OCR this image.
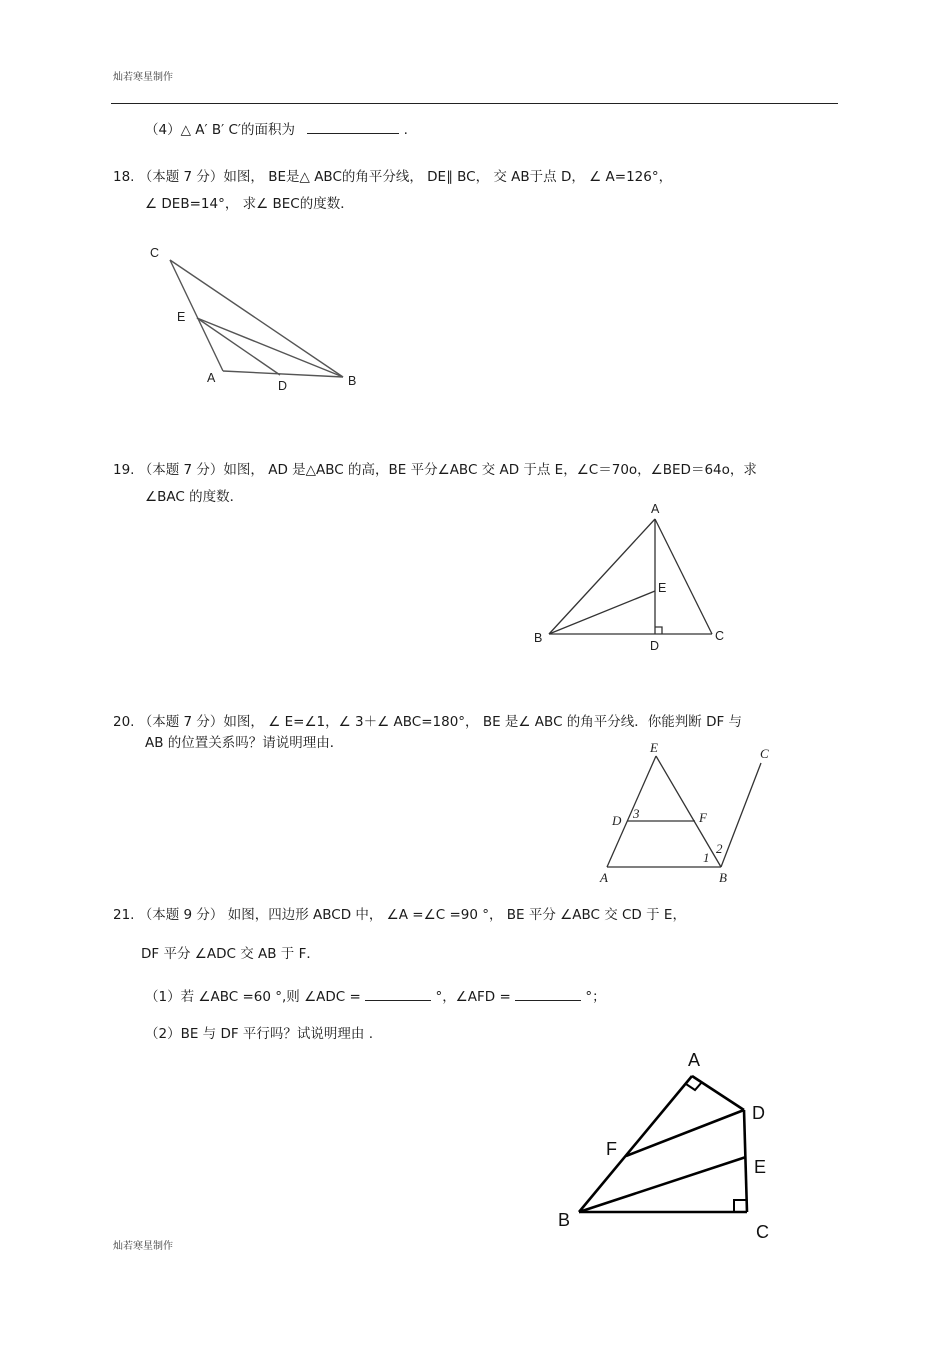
灿若寒星制作
（4）△ A′ B′ C′的面积为	.
18. （本题 7 分）如图， BE是△ ABC的角平分线， DE∥ BC， 交 AB于点 D， ∠ A=126°，
∠ DEB=14°， 求∠ BEC的度数．
C
E
A
D	B
19. （本题 7 分）如图， AD 是△ABC 的高，BE 平分∠ABC 交 AD 于点 E，∠C＝70o，∠BED＝64o，求
∠BAC 的度数．
A
E
B
D
C
20. （本题 7 分）如图， ∠ E=∠1，∠ 3＋∠ ABC=180°， BE 是∠ ABC 的角平分线．你能判断 DF 与
AB 的位置关系吗？请说明理由．	E	C
D 3	F
2
1
A	B
21. （本题 9 分） 如图，四边形 ABCD 中， ∠A =∠C =90 °， BE 平分 ∠ABC 交 CD 于 E，
DF 平分 ∠ADC 交 AB 于 F．
（1）若 ∠ABC =60 °,则 ∠ADC =	°，∠AFD =	°；
（2）BE 与 DF 平行吗？试说明理由 .
A
D
F
E
B
C
灿若寒星制作
